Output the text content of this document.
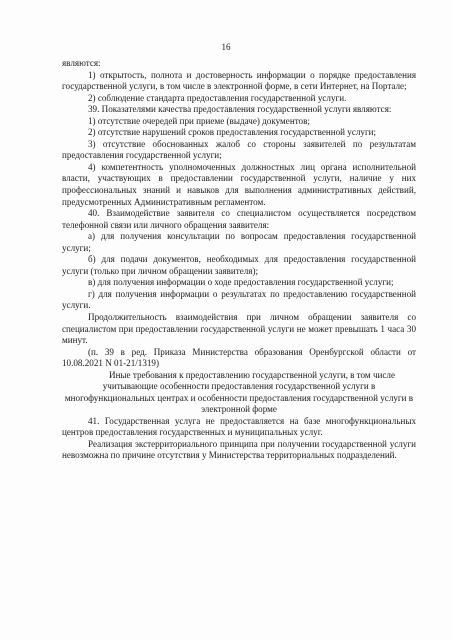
16

являются:

1) открытость, полнота и достоверность информации о порядке предоставления государственной услуги, в том числе в электронной форме, в сети Интернет, на Портале;

2) соблюдение стандарта предоставления государственной услуги.

39. Показателями качества предоставления государственной услуги являются:

1) отсутствие очередей при приеме (выдаче) документов;

2) отсутствие нарушений сроков предоставления государственной услуги;

3) отсутствие обоснованных жалоб со стороны заявителей по результатам предоставления государственной услуги;

4) компетентность уполномоченных должностных лиц органа исполнительной власти, участвующих в предоставлении государственной услуги, наличие у них профессиональных знаний и навыков для выполнения административных действий, предусмотренных Административным регламентом.

40. Взаимодействие заявителя со специалистом осуществляется посредством телефонной связи или личного обращения заявителя:

а) для получения консультации по вопросам предоставления государственной услуги;

б) для подачи документов, необходимых для предоставления государственной услуги (только при личном обращении заявителя);

в) для получения информации о ходе предоставления государственной услуги;

г) для получения информации о результатах по предоставлению государственной услуги.

Продолжительность взаимодействия при личном обращении заявителя со специалистом при предоставлении государственной услуги не может превышать 1 часа 30 минут.

(п. 39 в ред. Приказа Министерства образования Оренбургской области от 10.08.2021 N 01-21/1319)

Иные требования к предоставлению государственной услуги, в том числе учитывающие особенности предоставления государственной услуги в многофункциональных центрах и особенности предоставления государственной услуги в электронной форме

41. Государственная услуга не предоставляется на базе многофункциональных центров предоставления государственных и муниципальных услуг.

Реализация экстерриториального принципа при получении государственной услуги невозможна по причине отсутствия у Министерства территориальных подразделений.
